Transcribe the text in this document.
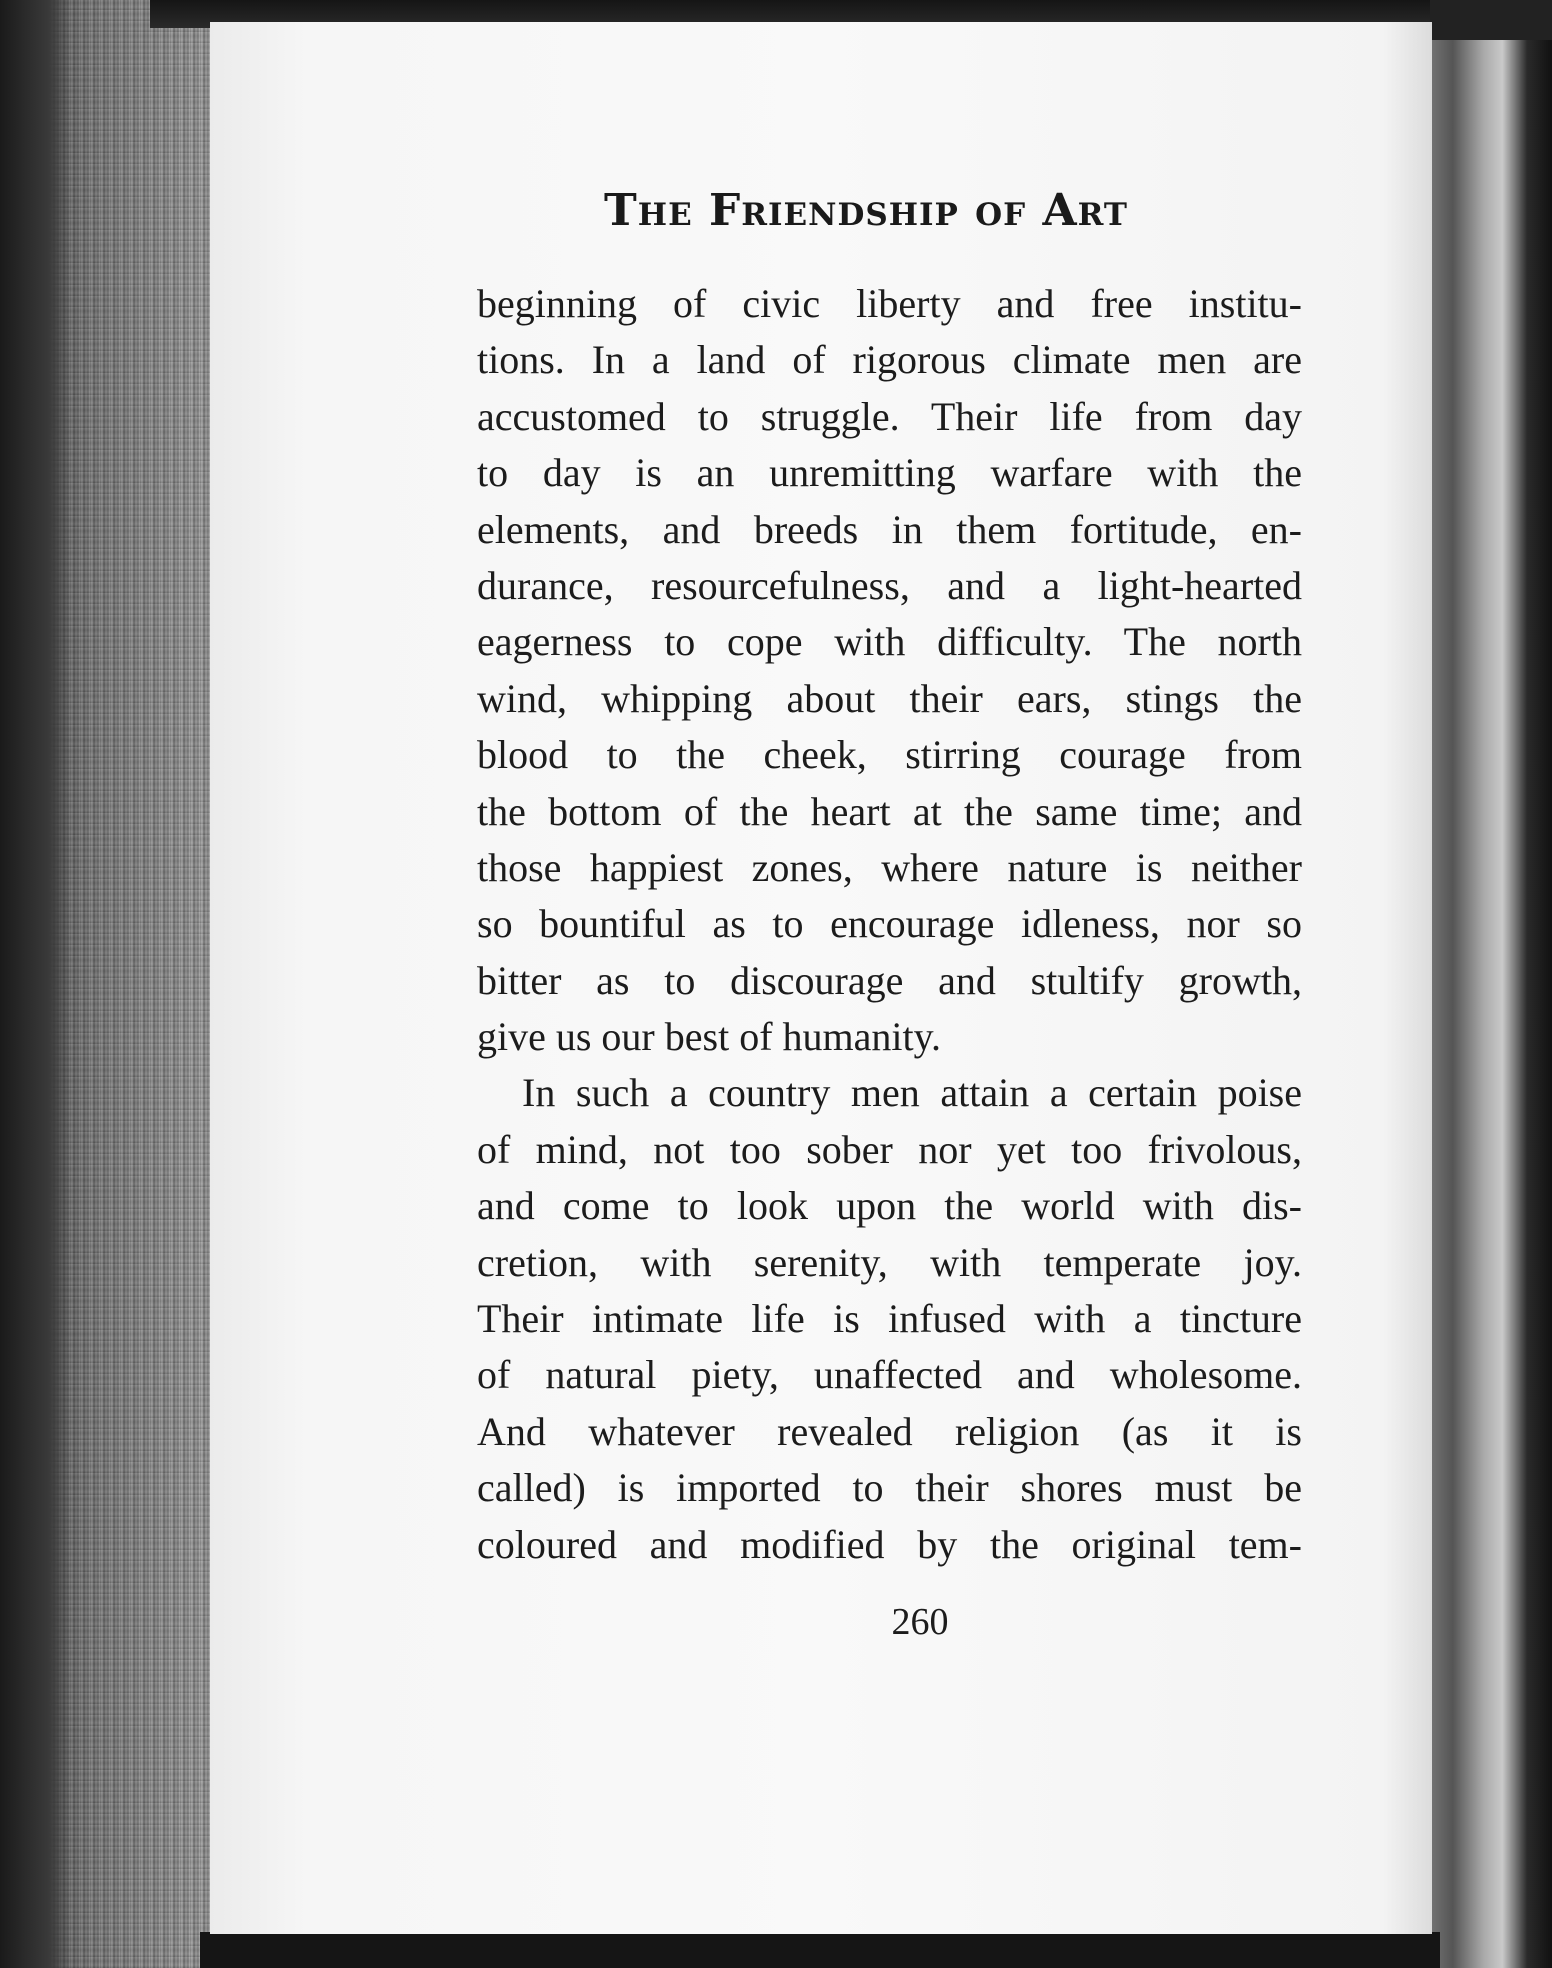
The Friendship of Art
beginning of civic liberty and free institu-
tions. In a land of rigorous climate men are
accustomed to struggle. Their life from day
to day is an unremitting warfare with the
elements, and breeds in them fortitude, en-
durance, resourcefulness, and a light-hearted
eagerness to cope with difficulty. The north
wind, whipping about their ears, stings the
blood to the cheek, stirring courage from
the bottom of the heart at the same time; and
those happiest zones, where nature is neither
so bountiful as to encourage idleness, nor so
bitter as to discourage and stultify growth,
give us our best of humanity.
In such a country men attain a certain poise
of mind, not too sober nor yet too frivolous,
and come to look upon the world with dis-
cretion, with serenity, with temperate joy.
Their intimate life is infused with a tincture
of natural piety, unaffected and wholesome.
And whatever revealed religion (as it is
called) is imported to their shores must be
coloured and modified by the original tem-
260
